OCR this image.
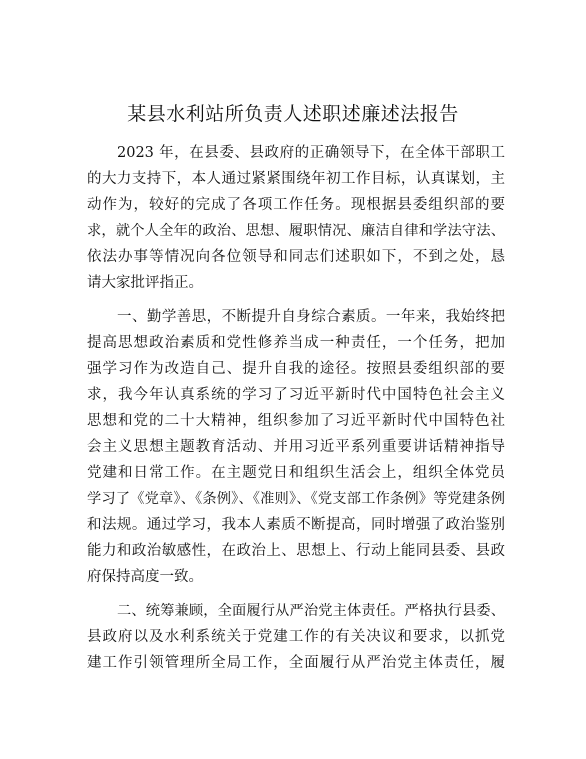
某县水利站所负责人述职述廉述法报告

2023 年，在县委、县政府的正确领导下，在全体干部职工
的大力支持下，本人通过紧紧围绕年初工作目标，认真谋划，主
动作为，较好的完成了各项工作任务。现根据县委组织部的要
求，就个人全年的政治、思想、履职情况、廉洁自律和学法守法、
依法办事等情况向各位领导和同志们述职如下，不到之处，恳
请大家批评指正。

一、勤学善思，不断提升自身综合素质。一年来，我始终把
提高思想政治素质和党性修养当成一种责任，一个任务，把加
强学习作为改造自己、提升自我的途径。按照县委组织部的要
求，我今年认真系统的学习了习近平新时代中国特色社会主义
思想和党的二十大精神，组织参加了习近平新时代中国特色社
会主义思想主题教育活动、并用习近平系列重要讲话精神指导
党建和日常工作。在主题党日和组织生活会上，组织全体党员
学习了《党章》、《条例》、《准则》、《党支部工作条例》等党建条例
和法规。通过学习，我本人素质不断提高，同时增强了政治鉴别
能力和政治敏感性，在政治上、思想上、行动上能同县委、县政
府保持高度一致。

二、统筹兼顾，全面履行从严治党主体责任。严格执行县委、
县政府以及水利系统关于党建工作的有关决议和要求，以抓党
建工作引领管理所全局工作，全面履行从严治党主体责任，履
